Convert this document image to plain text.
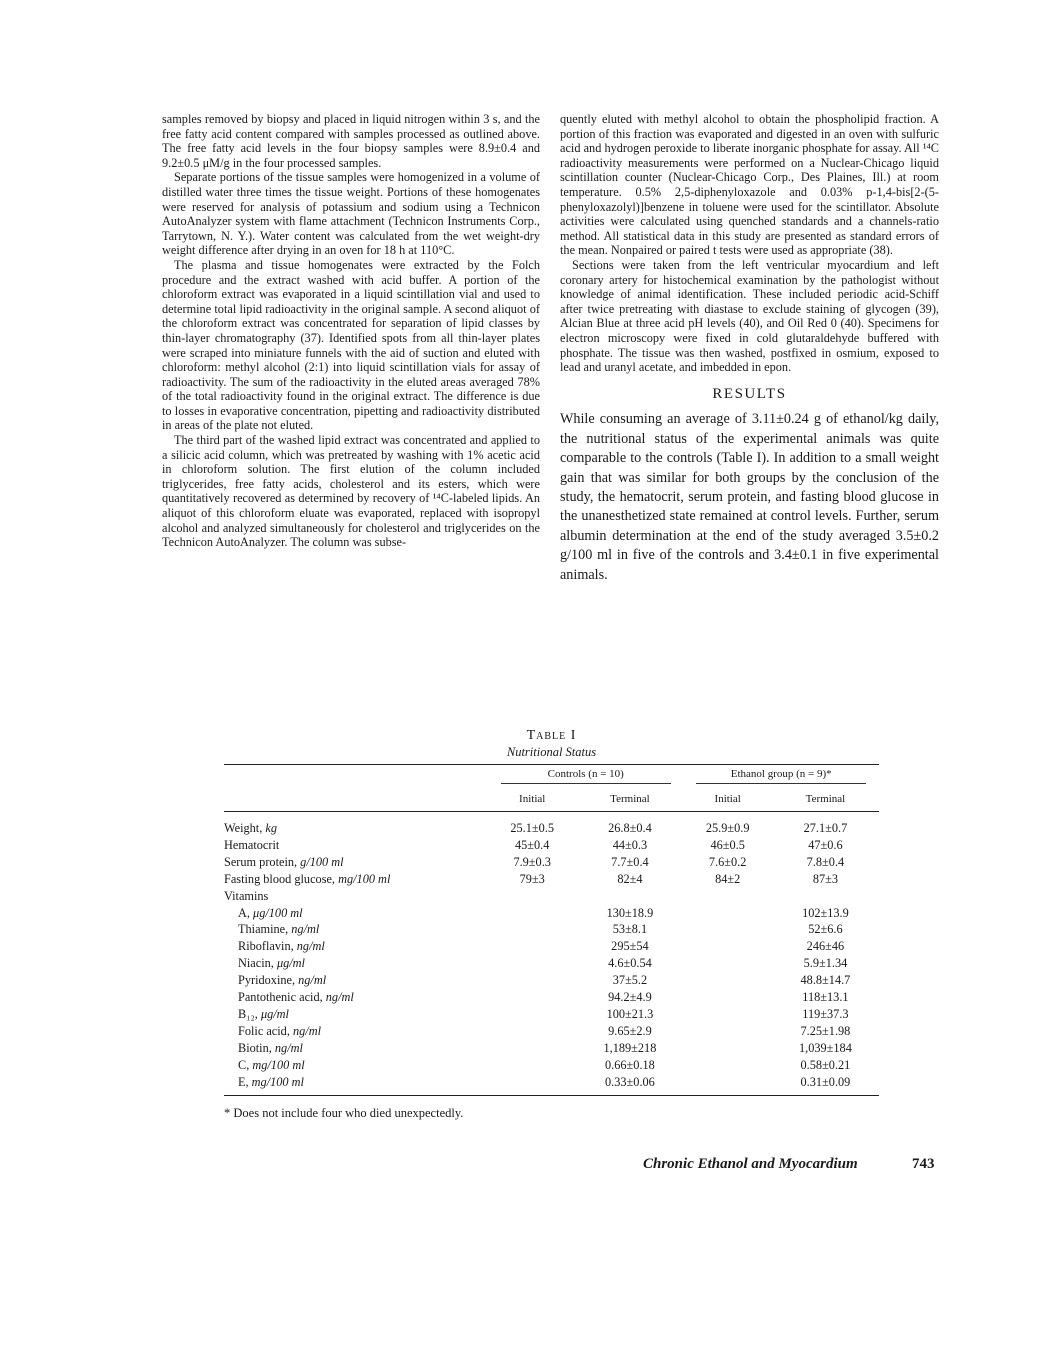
samples removed by biopsy and placed in liquid nitrogen within 3 s, and the free fatty acid content compared with samples processed as outlined above. The free fatty acid levels in the four biopsy samples were 8.9±0.4 and 9.2±0.5 μM/g in the four processed samples.

Separate portions of the tissue samples were homogenized in a volume of distilled water three times the tissue weight. Portions of these homogenates were reserved for analysis of potassium and sodium using a Technicon AutoAnalyzer system with flame attachment (Technicon Instruments Corp., Tarrytown, N. Y.). Water content was calculated from the wet weight-dry weight difference after drying in an oven for 18 h at 110°C.

The plasma and tissue homogenates were extracted by the Folch procedure and the extract washed with acid buffer. A portion of the chloroform extract was evaporated in a liquid scintillation vial and used to determine total lipid radioactivity in the original sample. A second aliquot of the chloroform extract was concentrated for separation of lipid classes by thin-layer chromatography (37). Identified spots from all thin-layer plates were scraped into miniature funnels with the aid of suction and eluted with chloroform: methyl alcohol (2:1) into liquid scintillation vials for assay of radioactivity. The sum of the radioactivity in the eluted areas averaged 78% of the total radioactivity found in the original extract. The difference is due to losses in evaporative concentration, pipetting and radioactivity distributed in areas of the plate not eluted.

The third part of the washed lipid extract was concentrated and applied to a silicic acid column, which was pretreated by washing with 1% acetic acid in chloroform solution. The first elution of the column included triglycerides, free fatty acids, cholesterol and its esters, which were quantitatively recovered as determined by recovery of ¹⁴C-labeled lipids. An aliquot of this chloroform eluate was evaporated, replaced with isopropyl alcohol and analyzed simultaneously for cholesterol and triglycerides on the Technicon AutoAnalyzer. The column was subse-

quently eluted with methyl alcohol to obtain the phospholipid fraction. A portion of this fraction was evaporated and digested in an oven with sulfuric acid and hydrogen peroxide to liberate inorganic phosphate for assay. All ¹⁴C radioactivity measurements were performed on a Nuclear-Chicago liquid scintillation counter (Nuclear-Chicago Corp., Des Plaines, Ill.) at room temperature. 0.5% 2,5-diphenyloxazole and 0.03% p-1,4-bis[2-(5-phenyloxazolyl)]benzene in toluene were used for the scintillator. Absolute activities were calculated using quenched standards and a channels-ratio method. All statistical data in this study are presented as standard errors of the mean. Nonpaired or paired t tests were used as appropriate (38).

Sections were taken from the left ventricular myocardium and left coronary artery for histochemical examination by the pathologist without knowledge of animal identification. These included periodic acid-Schiff after twice pretreating with diastase to exclude staining of glycogen (39), Alcian Blue at three acid pH levels (40), and Oil Red 0 (40). Specimens for electron microscopy were fixed in cold glutaraldehyde buffered with phosphate. The tissue was then washed, postfixed in osmium, exposed to lead and uranyl acetate, and imbedded in epon.

RESULTS

While consuming an average of 3.11±0.24 g of ethanol/kg daily, the nutritional status of the experimental animals was quite comparable to the controls (Table I). In addition to a small weight gain that was similar for both groups by the conclusion of the study, the hematocrit, serum protein, and fasting blood glucose in the unanesthetized state remained at control levels. Further, serum albumin determination at the end of the study averaged 3.5±0.2 g/100 ml in five of the controls and 3.4±0.1 in five experimental animals.

Table I
Nutritional Status
	Controls (n = 10)		Ethanol group (n = 9)*	
	Initial	Terminal	Initial	Terminal
Weight, kg	25.1±0.5	26.8±0.4	25.9±0.9	27.1±0.7
Hematocrit	45±0.4	44±0.3	46±0.5	47±0.6
Serum protein, g/100 ml	7.9±0.3	7.7±0.4	7.6±0.2	7.8±0.4
Fasting blood glucose, mg/100 ml	79±3	82±4	84±2	87±3
Vitamins				
A, μg/100 ml		130±18.9		102±13.9
Thiamine, ng/ml		53±8.1		52±6.6
Riboflavin, ng/ml		295±54		246±46
Niacin, μg/ml		4.6±0.54		5.9±1.34
Pyridoxine, ng/ml		37±5.2		48.8±14.7
Pantothenic acid, ng/ml		94.2±4.9		118±13.1
B₁₂, μg/ml		100±21.3		119±37.3
Folic acid, ng/ml		9.65±2.9		7.25±1.98
Biotin, ng/ml		1,189±218		1,039±184
C, mg/100 ml		0.66±0.18		0.58±0.21
E, mg/100 ml		0.33±0.06		0.31±0.09
* Does not include four who died unexpectedly.
Chronic Ethanol and Myocardium	743
